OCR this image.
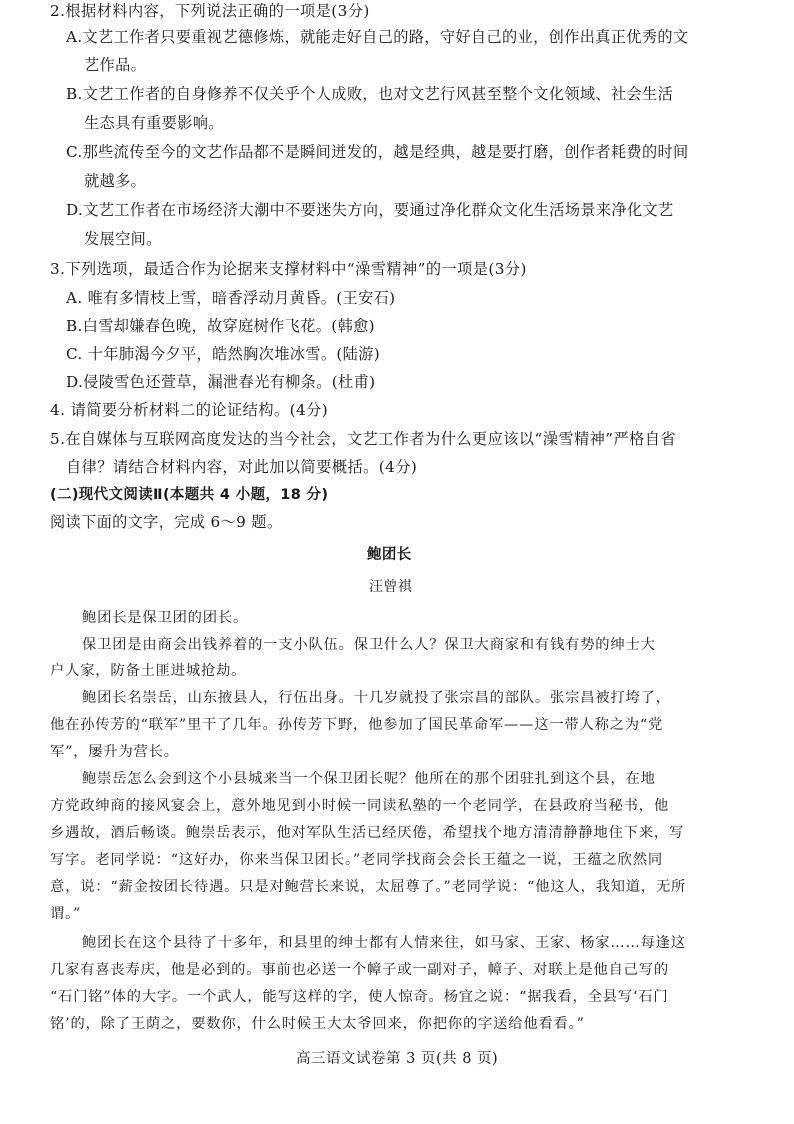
2.根据材料内容，下列说法正确的一项是(3分)
A.文艺工作者只要重视艺德修炼，就能走好自己的路，守好自己的业，创作出真正优秀的文
艺作品。
B.文艺工作者的自身修养不仅关乎个人成败，也对文艺行风甚至整个文化领域、社会生活
生态具有重要影响。
C.那些流传至今的文艺作品都不是瞬间迸发的，越是经典，越是要打磨，创作者耗费的时间
就越多。
D.文艺工作者在市场经济大潮中不要迷失方向，要通过净化群众文化生活场景来净化文艺
发展空间。
3.下列选项，最适合作为论据来支撑材料中“澡雪精神”的一项是(3分)
A. 唯有多情枝上雪，暗香浮动月黄昏。(王安石)
B.白雪却嫌春色晚，故穿庭树作飞花。(韩愈)
C. 十年肺渴今夕平，皓然胸次堆冰雪。(陆游)
D.侵陵雪色还萱草，漏泄春光有柳条。(杜甫)
4. 请简要分析材料二的论证结构。(4分)
5.在自媒体与互联网高度发达的当今社会，文艺工作者为什么更应该以“澡雪精神”严格自省
自律？请结合材料内容，对此加以简要概括。(4分)
(二)现代文阅读Ⅱ(本题共 4 小题，18 分)
阅读下面的文字，完成 6～9 题。
鲍团长
汪曾祺
鲍团长是保卫团的团长。
保卫团是由商会出钱养着的一支小队伍。保卫什么人？保卫大商家和有钱有势的绅士大
户人家，防备土匪进城抢劫。
鲍团长名崇岳，山东掖县人，行伍出身。十几岁就投了张宗昌的部队。张宗昌被打垮了，
他在孙传芳的“联军”里干了几年。孙传芳下野，他参加了国民革命军——这一带人称之为“党
军”，屡升为营长。
鲍崇岳怎么会到这个小县城来当一个保卫团长呢？他所在的那个团驻扎到这个县，在地
方党政绅商的接风宴会上，意外地见到小时候一同读私塾的一个老同学，在县政府当秘书，他
乡遇故，酒后畅谈。鲍崇岳表示，他对军队生活已经厌倦，希望找个地方清清静静地住下来，写
写字。老同学说：“这好办，你来当保卫团长。”老同学找商会会长王蕴之一说，王蕴之欣然同
意，说：“薪金按团长待遇。只是对鲍营长来说，太屈尊了。”老同学说：“他这人，我知道，无所
谓。”
鲍团长在这个县待了十多年，和县里的绅士都有人情来往，如马家、王家、杨家……每逢这
几家有喜丧寿庆，他是必到的。事前也必送一个幛子或一副对子，幛子、对联上是他自己写的
“石门铭”体的大字。一个武人，能写这样的字，使人惊奇。杨宜之说：“据我看，全县写‘石门
铭’的，除了王荫之，要数你，什么时候王大太爷回来，你把你的字送给他看看。”
高三语文试卷第 3 页(共 8 页)
